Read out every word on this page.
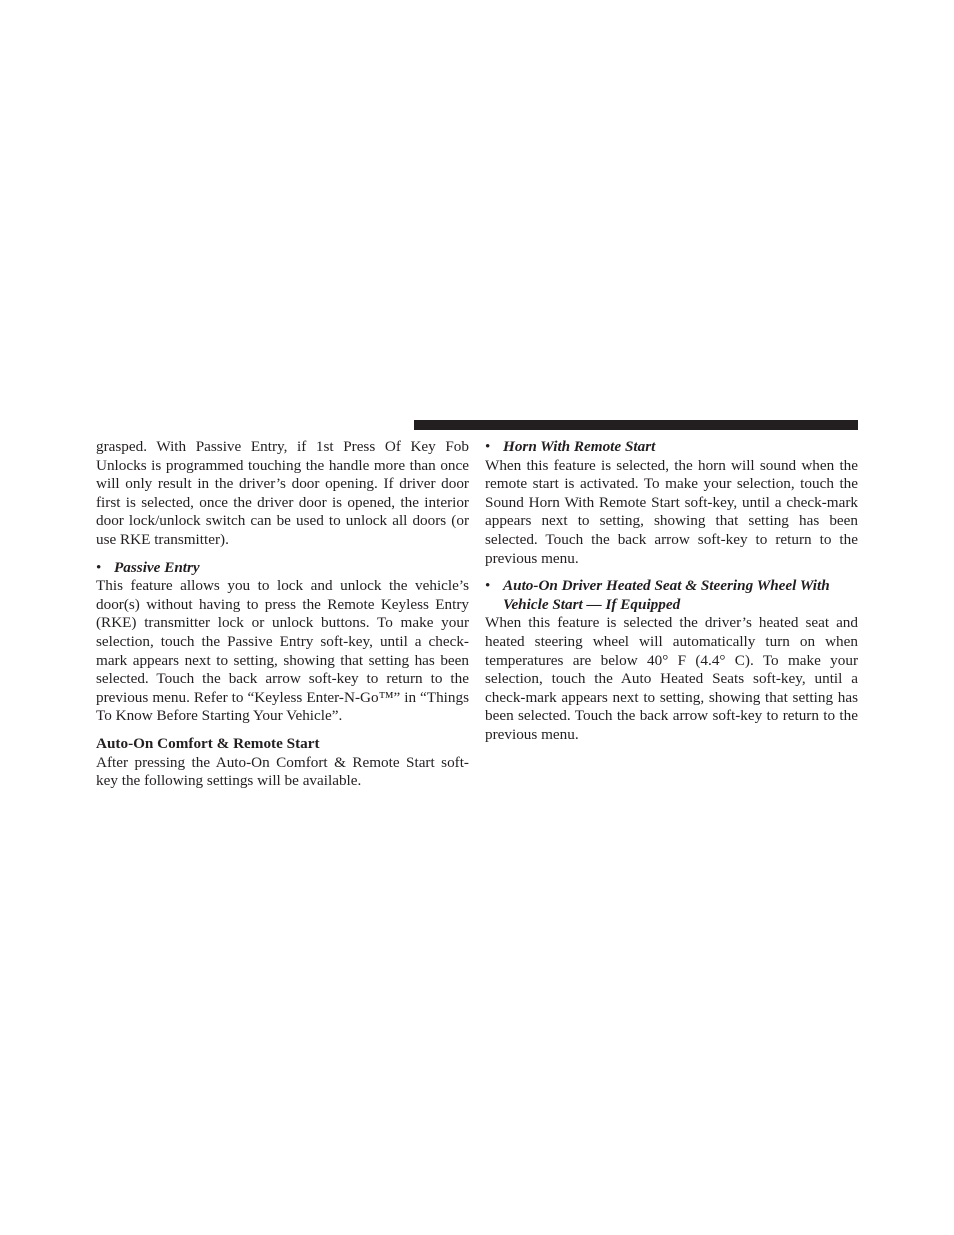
grasped. With Passive Entry, if 1st Press Of Key Fob Unlocks is programmed touching the handle more than once will only result in the driver’s door opening. If driver door first is selected, once the driver door is opened, the interior door lock/unlock switch can be used to unlock all doors (or use RKE transmitter).

• Passive Entry

This feature allows you to lock and unlock the vehicle’s door(s) without having to press the Remote Keyless Entry (RKE) transmitter lock or unlock buttons. To make your selection, touch the Passive Entry soft-key, until a check-mark appears next to setting, showing that setting has been selected. Touch the back arrow soft-key to return to the previous menu. Refer to “Keyless Enter-N-Go™” in “Things To Know Before Starting Your Vehicle”.

Auto-On Comfort & Remote Start

After pressing the Auto-On Comfort & Remote Start soft-key the following settings will be available.

• Horn With Remote Start

When this feature is selected, the horn will sound when the remote start is activated. To make your selection, touch the Sound Horn With Remote Start soft-key, until a check-mark appears next to setting, showing that setting has been selected. Touch the back arrow soft-key to return to the previous menu.

• Auto-On Driver Heated Seat & Steering Wheel With Vehicle Start — If Equipped

When this feature is selected the driver’s heated seat and heated steering wheel will automatically turn on when temperatures are below 40° F (4.4° C). To make your selection, touch the Auto Heated Seats soft-key, until a check-mark appears next to setting, showing that setting has been selected. Touch the back arrow soft-key to return to the previous menu.
